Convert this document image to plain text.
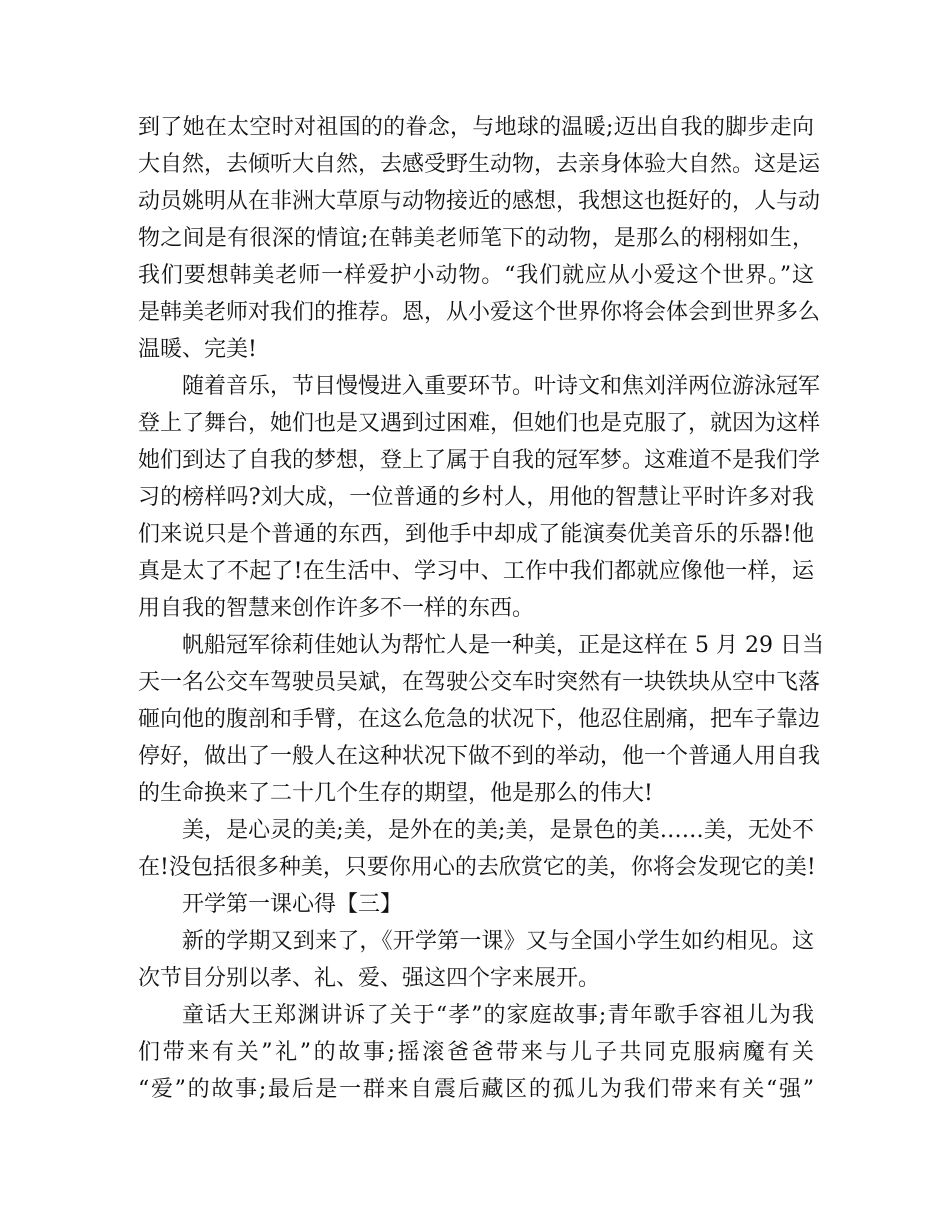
到了她在太空时对祖国的的眷念，与地球的温暖;迈出自我的脚步走向
大自然，去倾听大自然，去感受野生动物，去亲身体验大自然。这是运
动员姚明从在非洲大草原与动物接近的感想，我想这也挺好的，人与动
物之间是有很深的情谊;在韩美老师笔下的动物，是那么的栩栩如生，
我们要想韩美老师一样爱护小动物。“我们就应从小爱这个世界。”这
是韩美老师对我们的推荐。恩，从小爱这个世界你将会体会到世界多么
温暖、完美!
随着音乐，节目慢慢进入重要环节。叶诗文和焦刘洋两位游泳冠军
登上了舞台，她们也是又遇到过困难，但她们也是克服了，就因为这样
她们到达了自我的梦想，登上了属于自我的冠军梦。这难道不是我们学
习的榜样吗?刘大成，一位普通的乡村人，用他的智慧让平时许多对我
们来说只是个普通的东西，到他手中却成了能演奏优美音乐的乐器!他
真是太了不起了!在生活中、学习中、工作中我们都就应像他一样，运
用自我的智慧来创作许多不一样的东西。
帆船冠军徐莉佳她认为帮忙人是一种美，正是这样在 5 月 29 日当
天一名公交车驾驶员吴斌，在驾驶公交车时突然有一块铁块从空中飞落
砸向他的腹剖和手臂，在这么危急的状况下，他忍住剧痛，把车子靠边
停好，做出了一般人在这种状况下做不到的举动，他一个普通人用自我
的生命换来了二十几个生存的期望，他是那么的伟大!
美，是心灵的美;美，是外在的美;美，是景色的美……美，无处不
在!没包括很多种美，只要你用心的去欣赏它的美，你将会发现它的美!
开学第一课心得【三】
新的学期又到来了，《开学第一课》又与全国小学生如约相见。这
次节目分别以孝、礼、爱、强这四个字来展开。
童话大王郑渊讲诉了关于“孝”的家庭故事;青年歌手容祖儿为我
们带来有关”礼”的故事;摇滚爸爸带来与儿子共同克服病魔有关
“爱”的故事;最后是一群来自震后藏区的孤儿为我们带来有关“强”
